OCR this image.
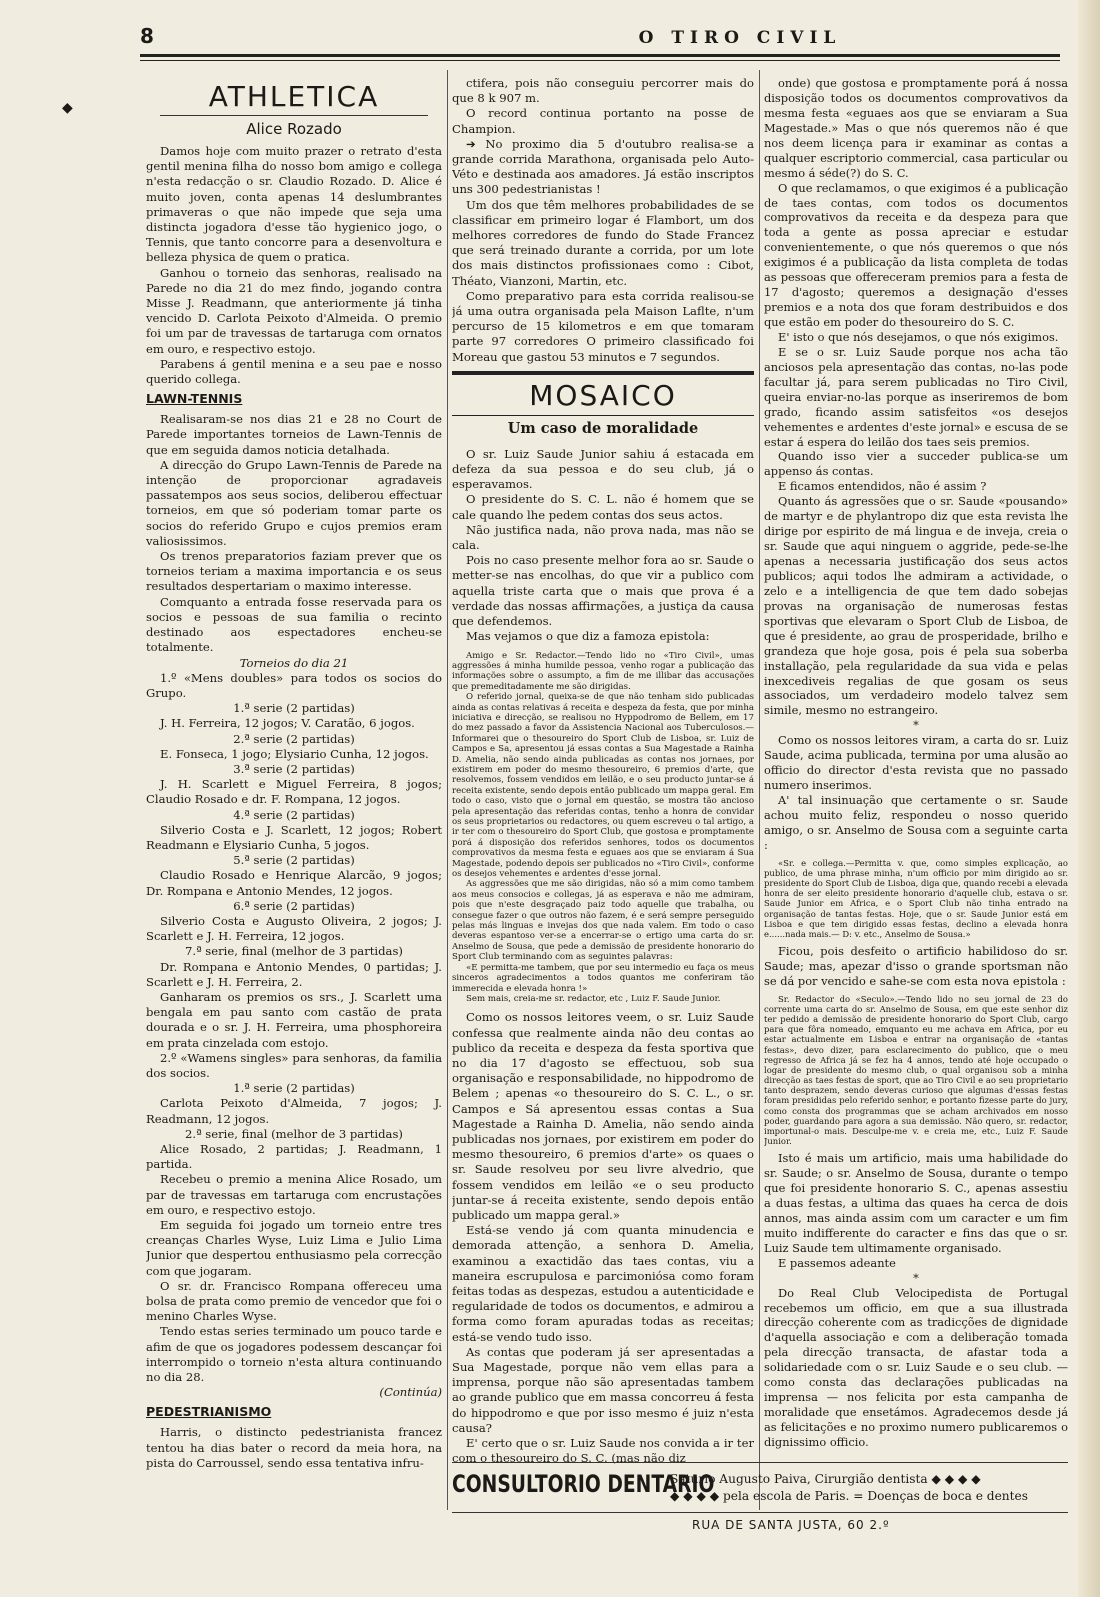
◆
8	O TIRO CIVIL
ATHLETICA
Alice Rozado

Damos hoje com muito prazer o retrato d'esta gentil menina filha do nosso bom amigo e collega n'esta redacção o sr. Claudio Rozado. D. Alice é muito joven, conta apenas 14 deslumbrantes primaveras o que não impede que seja uma distincta jogadora d'esse tão hygienico jogo, o Tennis, que tanto concorre para a desenvoltura e belleza physica de quem o pratica.

Ganhou o torneio das senhoras, realisado na Parede no dia 21 do mez findo, jogando contra Misse J. Readmann, que anteriormente já tinha vencido D. Carlota Peixoto d'Almeida. O premio foi um par de travessas de tartaruga com ornatos em ouro, e respectivo estojo.

Parabens á gentil menina e a seu pae e nosso querido collega.

LAWN-TENNIS

Realisaram-se nos dias 21 e 28 no Court de Parede importantes torneios de Lawn-Tennis de que em seguida damos noticia detalhada.

A direcção do Grupo Lawn-Tennis de Parede na intenção de proporcionar agradaveis passatempos aos seus socios, deliberou effectuar torneios, em que só poderiam tomar parte os socios do referido Grupo e cujos premios eram valiosissimos.

Os trenos preparatorios faziam prever que os torneios teriam a maxima importancia e os seus resultados despertariam o maximo interesse.

Comquanto a entrada fosse reservada para os socios e pessoas de sua familia o recinto destinado aos espectadores encheu-se totalmente.

Torneios do dia 21

1.º «Mens doubles» para todos os socios do Grupo.

1.ª serie (2 partidas)

J. H. Ferreira, 12 jogos; V. Caratão, 6 jogos.

2.ª serie (2 partidas)

E. Fonseca, 1 jogo; Elysiario Cunha, 12 jogos.

3.ª serie (2 partidas)

J. H. Scarlett e Miguel Ferreira, 8 jogos; Claudio Rosado e dr. F. Rompana, 12 jogos.

4.ª serie (2 partidas)

Silverio Costa e J. Scarlett, 12 jogos; Robert Readmann e Elysiario Cunha, 5 jogos.

5.ª serie (2 partidas)

Claudio Rosado e Henrique Alarcão, 9 jogos; Dr. Rompana e Antonio Mendes, 12 jogos.

6.ª serie (2 partidas)

Silverio Costa e Augusto Oliveira, 2 jogos; J. Scarlett e J. H. Ferreira, 12 jogos.

7.ª serie, final (melhor de 3 partidas)

Dr. Rompana e Antonio Mendes, 0 partidas; J. Scarlett e J. H. Ferreira, 2.

Ganharam os premios os srs., J. Scarlett uma bengala em pau santo com castão de prata dourada e o sr. J. H. Ferreira, uma phosphoreira em prata cinzelada com estojo.

2.º «Wamens singles» para senhoras, da familia dos socios.

1.ª serie (2 partidas)

Carlota Peixoto d'Almeida, 7 jogos; J. Readmann, 12 jogos.

2.ª serie, final (melhor de 3 partidas)

Alice Rosado, 2 partidas; J. Readmann, 1 partida.

Recebeu o premio a menina Alice Rosado, um par de travessas em tartaruga com encrustações em ouro, e respectivo estojo.

Em seguida foi jogado um torneio entre tres creanças Charles Wyse, Luiz Lima e Julio Lima Junior que despertou enthusiasmo pela correcção com que jogaram.

O sr. dr. Francisco Rompana offereceu uma bolsa de prata como premio de vencedor que foi o menino Charles Wyse.

Tendo estas series terminado um pouco tarde e afim de que os jogadores podessem descançar foi interrompido o torneio n'esta altura continuando no dia 28.

(Continúa)

PEDESTRIANISMO

Harris, o distincto pedestrianista francez tentou ha dias bater o record da meia hora, na pista do Carroussel, sendo essa tentativa infru-

ctifera, pois não conseguiu percorrer mais do que 8 k 907 m.

O record continua portanto na posse de Champion.

➔ No proximo dia 5 d'outubro realisa-se a grande corrida Marathona, organisada pelo Auto-Véto e destinada aos amadores. Já estão inscriptos uns 300 pedestrianistas !

Um dos que têm melhores probabilidades de se classificar em primeiro logar é Flambort, um dos melhores corredores de fundo do Stade Francez que será treinado durante a corrida, por um lote dos mais distinctos profissionaes como : Cibot, Théato, Vianzoni, Martin, etc.

Como preparativo para esta corrida realisou-se já uma outra organisada pela Maison Laflte, n'um percurso de 15 kilometros e em que tomaram parte 97 corredores O primeiro classificado foi Moreau que gastou 53 minutos e 7 segundos.

MOSAICO
Um caso de moralidade

O sr. Luiz Saude Junior sahiu á estacada em defeza da sua pessoa e do seu club, já o esperavamos.

O presidente do S. C. L. não é homem que se cale quando lhe pedem contas dos seus actos.

Não justifica nada, não prova nada, mas não se cala.

Pois no caso presente melhor fora ao sr. Saude o metter-se nas encolhas, do que vir a publico com aquella triste carta que o mais que prova é a verdade das nossas affirmações, a justiça da causa que defendemos.

Mas vejamos o que diz a famoza epistola:

Amigo e Sr. Redactor.—Tendo lido no «Tiro Civil», umas aggressões á minha humilde pessoa, venho rogar a publicação das informações sobre o assumpto, a fim de me illibar das accusações que premeditadamente me são dirigidas.

O referido jornal, queixa-se de que não tenham sido publicadas ainda as contas relativas á receita e despeza da festa, que por minha iniciativa e direcção, se realisou no Hyppodromo de Bellem, em 17 do mez passado a favor da Assistencia Nacional aos Tuberculosos.—Informarei que o thesoureiro do Sport Club de Lisboa, sr. Luiz de Campos e Sa, apresentou já essas contas a Sua Magestade a Rainha D. Amelia, não sendo ainda publicadas as contas nos jornaes, por existirem em poder do mesmo thesoureiro, 6 premios d'arte, que resolvemos, fossem vendidos em leilão, e o seu producto juntar-se á receita existente, sendo depois então publicado um mappa geral. Em todo o caso, visto que o jornal em questão, se mostra tão ancioso pela apresentação das referidas contas, tenho a honra de convidar os seus proprietarios ou redactores, ou quem escreveu o tal artigo, a ir ter com o thesoureiro do Sport Club, que gostosa e promptamente porá á disposição dos referidos senhores, todos os documentos comprovativos da mesma festa e eguaes aos que se enviaram á Sua Magestade, podendo depois ser publicados no «Tiro Civil», conforme os desejos vehementes e ardentes d'esse jornal.

As aggressões que me são dirigidas, não só a mim como tambem aos meus consocios e collegas, já as esperava e não me admiram, pois que n'este desgraçado paiz todo aquelle que trabalha, ou consegue fazer o que outros não fazem, é e será sempre perseguido pelas más linguas e invejas dos que nada valem. Em todo o caso deveras espantoso ver-se a encerrar-se o ertigo uma carta do sr. Anselmo de Sousa, que pede a demissão de presidente honorario do Sport Club terminando com as seguintes palavras:

«E permitta-me tambem, que por seu intermedio eu faça os meus sinceros agradecimentos a todos quantos me conferiram tão immerecida e elevada honra !»

Sem mais, creia-me sr. redactor, etc , Luiz F. Saude Junior.

Como os nossos leitores veem, o sr. Luiz Saude confessa que realmente ainda não deu contas ao publico da receita e despeza da festa sportiva que no dia 17 d'agosto se effectuou, sob sua organisação e responsabilidade, no hippodromo de Belem ; apenas «o thesoureiro do S. C. L., o sr. Campos e Sá apresentou essas contas a Sua Magestade a Rainha D. Amelia, não sendo ainda publicadas nos jornaes, por existirem em poder do mesmo thesoureiro, 6 premios d'arte» os quaes o sr. Saude resolveu por seu livre alvedrio, que fossem vendidos em leilão «e o seu producto juntar-se á receita existente, sendo depois então publicado um mappa geral.»

Está-se vendo já com quanta minudencia e demorada attenção, a senhora D. Amelia, examinou a exactidão das taes contas, viu a maneira escrupulosa e parcimoniósa como foram feitas todas as despezas, estudou a autenticidade e regularidade de todos os documentos, e admirou a forma como foram apuradas todas as receitas; está-se vendo tudo isso.

As contas que poderam já ser apresentadas a Sua Magestade, porque não vem ellas para a imprensa, porque não são apresentadas tambem ao grande publico que em massa concorreu á festa do hippodromo e que por isso mesmo é juiz n'esta causa?

E' certo que o sr. Luiz Saude nos convida a ir ter com o thesoureiro do S. C. (mas não diz

onde) que gostosa e promptamente porá á nossa disposição todos os documentos comprovativos da mesma festa «eguaes aos que se enviaram a Sua Magestade.» Mas o que nós queremos não é que nos deem licença para ir examinar as contas a qualquer escriptorio commercial, casa particular ou mesmo á séde(?) do S. C.

O que reclamamos, o que exigimos é a publicação de taes contas, com todos os documentos comprovativos da receita e da despeza para que toda a gente as possa apreciar e estudar convenientemente, o que nós queremos o que nós exigimos é a publicação da lista completa de todas as pessoas que offereceram premios para a festa de 17 d'agosto; queremos a designação d'esses premios e a nota dos que foram destribuidos e dos que estão em poder do thesoureiro do S. C.

E' isto o que nós desejamos, o que nós exigimos.

E se o sr. Luiz Saude porque nos acha tão anciosos pela apresentação das contas, no-las pode facultar já, para serem publicadas no Tiro Civil, queira enviar-no-las porque as inseriremos de bom grado, ficando assim satisfeitos «os desejos vehementes e ardentes d'este jornal» e escusa de se estar á espera do leilão dos taes seis premios.

Quando isso vier a succeder publica-se um appenso ás contas.

E ficamos entendidos, não é assim ?

Quanto ás agressões que o sr. Saude «pousando» de martyr e de phylantropo diz que esta revista lhe dirige por espirito de má lingua e de inveja, creia o sr. Saude que aqui ninguem o aggride, pede-se-lhe apenas a necessaria justificação dos seus actos publicos; aqui todos lhe admiram a actividade, o zelo e a intelligencia de que tem dado sobejas provas na organisação de numerosas festas sportivas que elevaram o Sport Club de Lisboa, de que é presidente, ao grau de prosperidade, brilho e grandeza que hoje gosa, pois é pela sua soberba installação, pela regularidade da sua vida e pelas inexcediveis regalias de que gosam os seus associados, um verdadeiro modelo talvez sem simile, mesmo no estrangeiro.

*

Como os nossos leitores viram, a carta do sr. Luiz Saude, acima publicada, termina por uma alusão ao officio do director d'esta revista que no passado numero inserimos.

A' tal insinuação que certamente o sr. Saude achou muito feliz, respondeu o nosso querido amigo, o sr. Anselmo de Sousa com a seguinte carta :

«Sr. e collega.—Permitta v. que, como simples explicação, ao publico, de uma phrase minha, n'um officio por mim dirigido ao sr. presidente do Sport Club de Lisboa, diga que, quando recebi a elevada honra de ser eleito presidente honorario d'aquelle club, estava o sr. Saude Junior em Africa, e o Sport Club não tinha entrado na organisação de tantas festas. Hoje, que o sr. Saude Junior está em Lisboa e que tem dirigido essas festas, declino a elevada honra e......nada mais.— D: v. etc., Anselmo de Sousa.»

Ficou, pois desfeito o artificio habilidoso do sr. Saude; mas, apezar d'isso o grande sportsman não se dá por vencido e sahe-se com esta nova epistola :

Sr. Redactor do «Seculo».—Tendo lido no seu jornal de 23 do corrente uma carta do sr. Anselmo de Sousa, em que este senhor diz ter pedido a demissão de presidente honorario do Sport Club, cargo para que fôra nomeado, emquanto eu me achava em Africa, por eu estar actualmente em Lisboa e entrar na organisação de «tantas festas», devo dizer, para esclarecimento do publico, que o meu regresso de Africa já se fez ha 4 annos, tendo até hoje occupado o logar de presidente do mesmo club, o qual organisou sob a minha direcção as taes festas de sport, que ao Tiro Civil e ao seu proprietario tanto desprazem, sendo deveras curioso que algumas d'essas festas foram presididas pelo referido senhor, e portanto fizesse parte do jury, como consta dos programmas que se acham archivados em nosso poder, guardando para agora a sua demissão. Não quero, sr. redactor, importunal-o mais. Desculpe-me v. e creia me, etc., Luiz F. Saude Junior.

Isto é mais um artificio, mais uma habilidade do sr. Saude; o sr. Anselmo de Sousa, durante o tempo que foi presidente honorario S. C., apenas assestiu a duas festas, a ultima das quaes ha cerca de dois annos, mas ainda assim com um caracter e um fim muito indifferente do caracter e fins das que o sr. Luiz Saude tem ultimamente organisado.

E passemos adeante

*

Do Real Club Velocipedista de Portugal recebemos um officio, em que a sua illustrada direcção coherente com as tradicções de dignidade d'aquella associação e com a deliberação tomada pela direcção transacta, de afastar toda a solidariedade com o sr. Luiz Saude e o seu club. — como consta das declarações publicadas na imprensa — nos felicita por esta campanha de moralidade que ensetámos. Agradecemos desde já as felicitações e no proximo numero publicaremos o dignissimo officio.

CONSULTORIO DENTARIO
Saturio Augusto Paiva, Cirurgião dentista ◆ ◆ ◆ ◆
◆ ◆ ◆ ◆ pela escola de Paris. = Doenças de boca e dentes
RUA DE SANTA JUSTA, 60 2.º
